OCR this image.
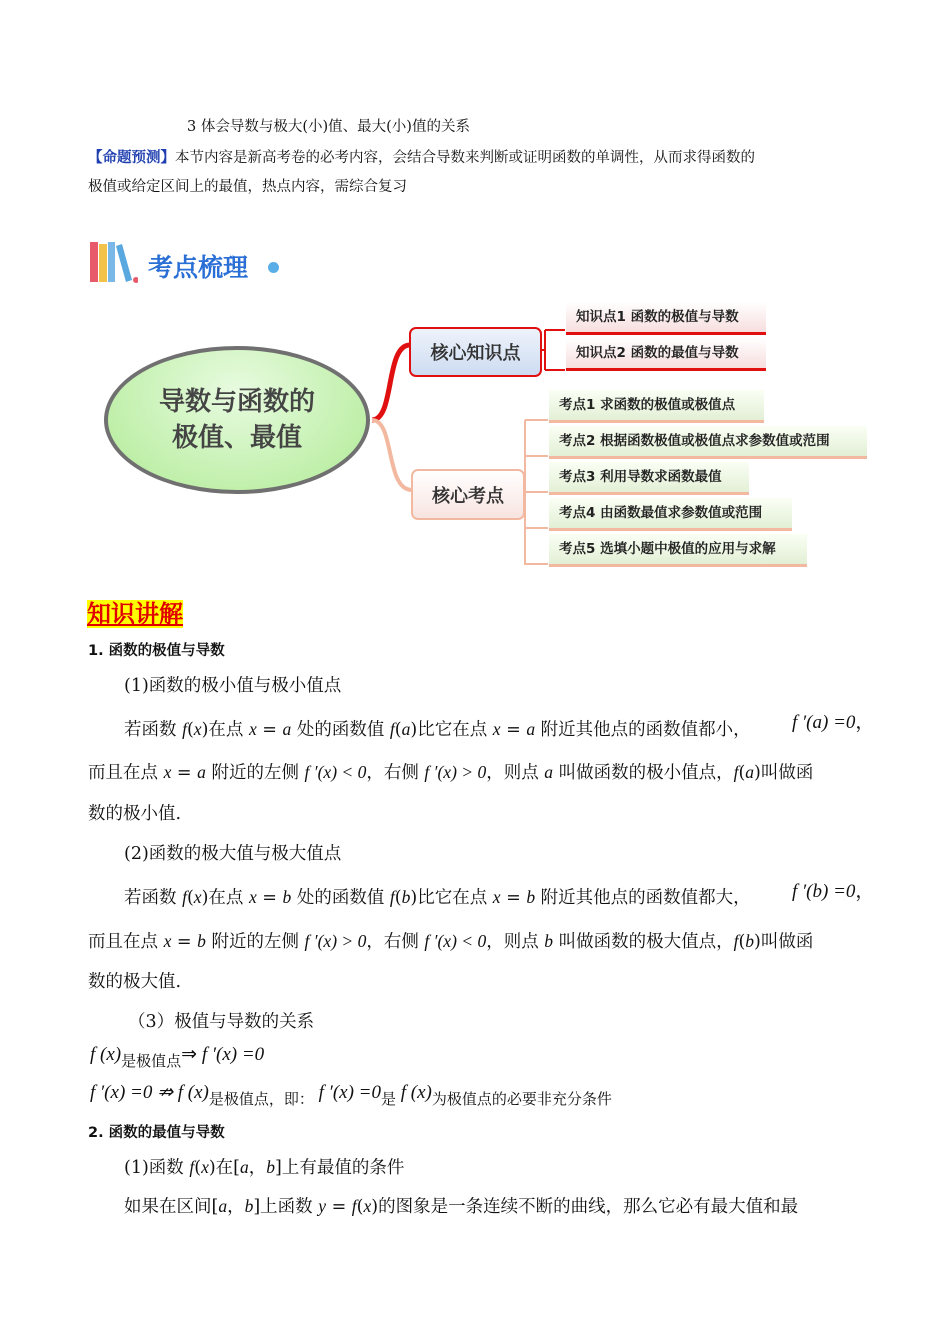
3 体会导数与极大(小)值、最大(小)值的关系
【命题预测】本节内容是新高考卷的必考内容，会结合导数来判断或证明函数的单调性，从而求得函数的
极值或给定区间上的最值，热点内容，需综合复习
考点梳理
导数与函数的
极值、最值
核心知识点
核心考点
知识点1 函数的极值与导数
知识点2 函数的最值与导数
考点1 求函数的极值或极值点
考点2 根据函数极值或极值点求参数值或范围
考点3 利用导数求函数最值
考点4 由函数最值求参数值或范围
考点5 选填小题中极值的应用与求解
知识讲解
1. 函数的极值与导数
(1)函数的极小值与极小值点
若函数 f(x)在点 x = a 处的函数值 f(a)比它在点 x = a 附近其他点的函数值都小， f ′(a) =0，
而且在点 x = a 附近的左侧 f ′(x) < 0，右侧 f ′(x) > 0，则点 a 叫做函数的极小值点，f(a)叫做函
数的极小值.
(2)函数的极大值与极大值点
若函数 f(x)在点 x = b 处的函数值 f(b)比它在点 x = b 附近其他点的函数值都大， f ′(b) =0，
而且在点 x = b 附近的左侧 f ′(x) > 0，右侧 f ′(x) < 0，则点 b 叫做函数的极大值点，f(b)叫做函
数的极大值.
（3）极值与导数的关系
f $(x)_{是极值点}\Rightarrow$ f ′(x) =0
f ′(x) =0 ⇏ f $(x)_{是极值点,即:}$ f $'(x) =0_是$ f $(x)_{为极值点的必要非充分条件}$
2. 函数的最值与导数
(1)函数 f(x)在[a，b]上有最值的条件
如果在区间[a，b]上函数 y = f(x)的图象是一条连续不断的曲线，那么它必有最大值和最
